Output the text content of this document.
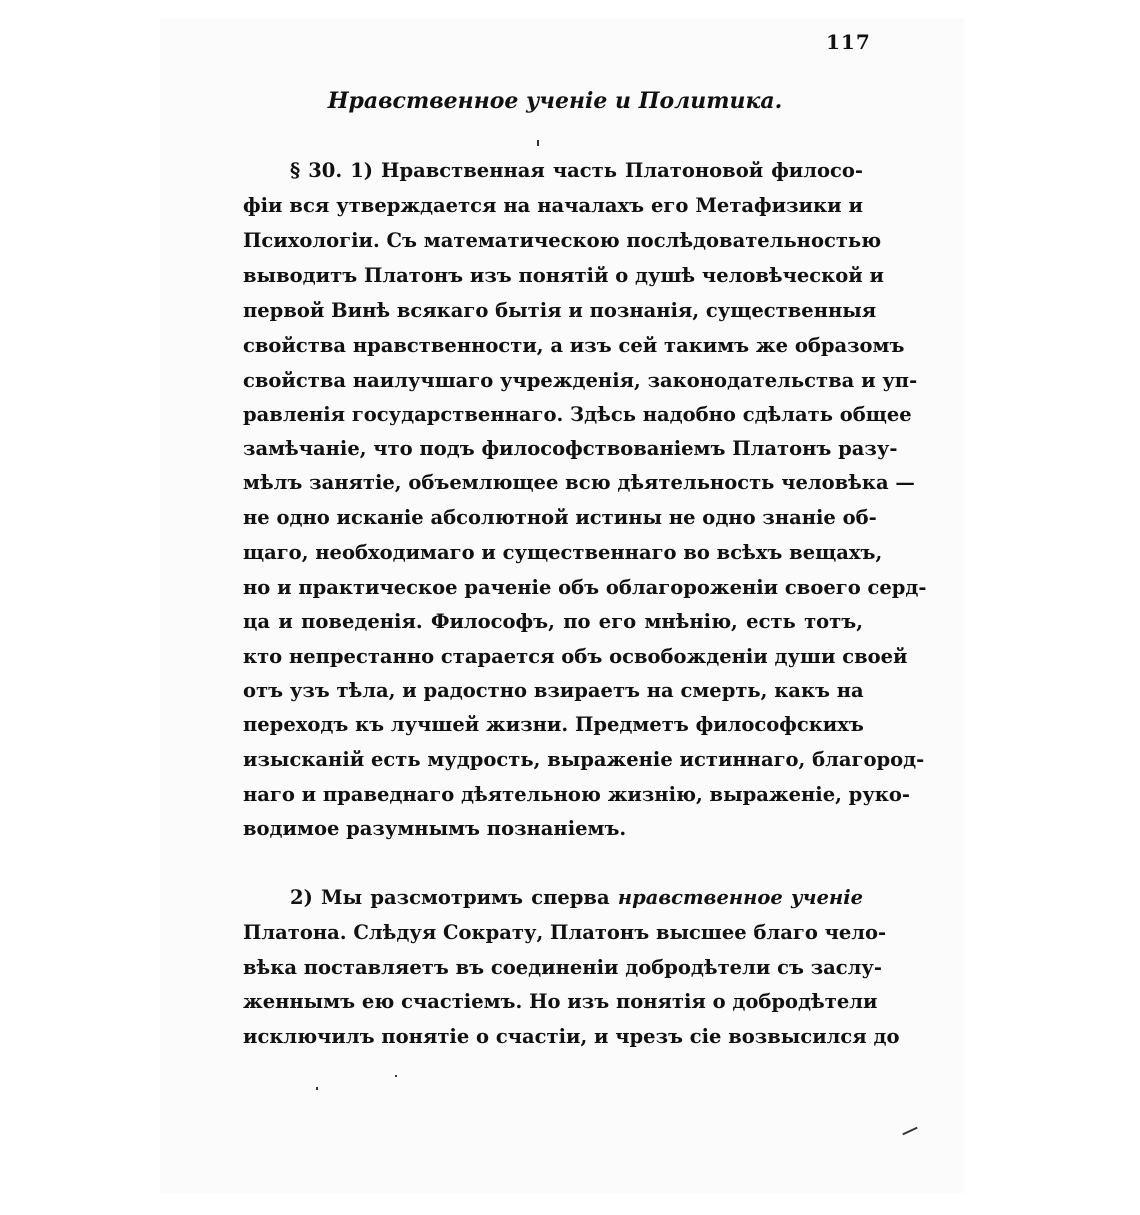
117
Нравственное ученіе и Политика.
§ 30. 1) Нравственная часть Платоновой филосо-
фіи вся утверждается на началахъ его Метафизики и
Психологіи. Съ математическою послѣдовательностью
выводитъ Платонъ изъ понятій о душѣ человѣческой и
первой Винѣ всякаго бытія и познанія, существенныя
свойства нравственности, а изъ сей такимъ же образомъ
свойства наилучшаго учрежденія, законодательства и уп-
равленія государственнаго. Здѣсь надобно сдѣлать общее
замѣчаніе, что подъ философствованіемъ Платонъ разу-
мѣлъ занятіе, объемлющее всю дѣятельность человѣка —
не одно исканіе абсолютной истины не одно знаніе об-
щаго, необходимаго и существеннаго во всѣхъ вещахъ,
но и практическое раченіе объ облагороженіи своего серд-
ца и поведенія. Философъ, по его мнѣнію, есть тотъ,
кто непрестанно старается объ освобожденіи души своей
отъ узъ тѣла, и радостно взираетъ на смерть, какъ на
переходъ къ лучшей жизни. Предметъ философскихъ
изысканій есть мудрость, выраженіе истиннаго, благород-
наго и праведнаго дѣятельною жизнію, выраженіе, руко-
водимое разумнымъ познаніемъ.
2) Мы разсмотримъ сперва нравственное ученіе
Платона. Слѣдуя Сократу, Платонъ высшее благо чело-
вѣка поставляетъ въ соединеніи добродѣтели съ заслу-
женнымъ ею счастіемъ. Но изъ понятія о добродѣтели
исключилъ понятіе о счастіи, и чрезъ сіе возвысился до
